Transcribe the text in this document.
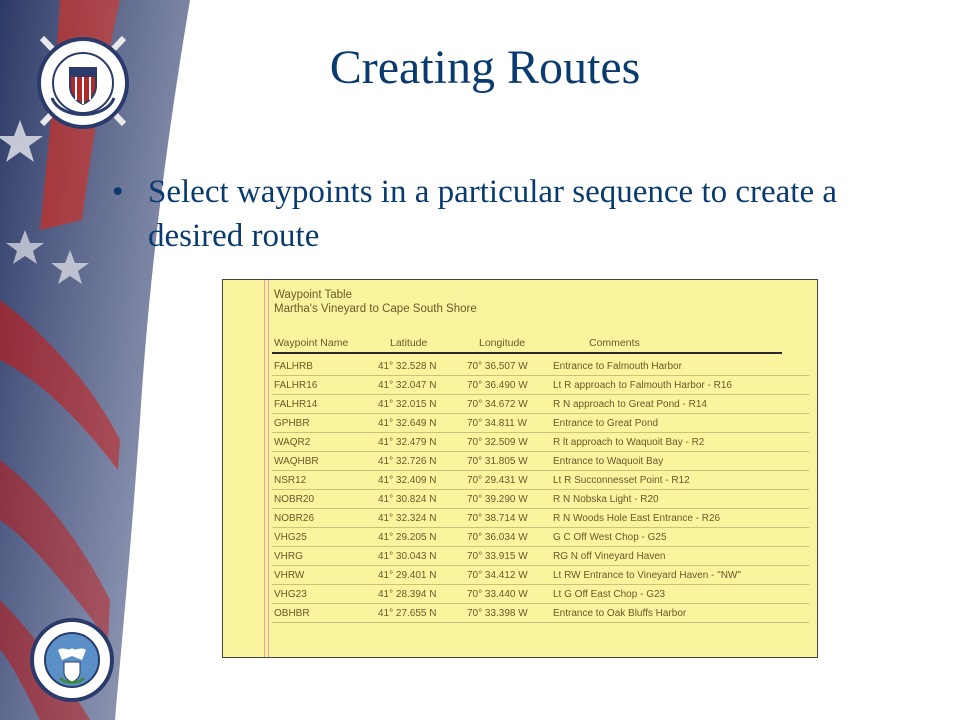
Creating Routes
• Select waypoints in a particular sequence to create a desired route
Waypoint Table
Martha's Vineyard to Cape South Shore
Waypoint Name	Latitude	Longitude	Comments
FALHRB	41° 32.528 N	70° 36.507 W	Entrance to Falmouth Harbor
FALHR16	41° 32.047 N	70° 36.490 W	Lt R approach to Falmouth Harbor - R16
FALHR14	41° 32.015 N	70° 34.672 W	R N approach to Great Pond - R14
GPHBR	41° 32.649 N	70° 34.811 W	Entrance to Great Pond
WAQR2	41° 32.479 N	70° 32.509 W	R lt approach to Waquoit Bay - R2
WAQHBR	41° 32.726 N	70° 31.805 W	Entrance to Waquoit Bay
NSR12	41° 32.409 N	70° 29.431 W	Lt R Succonnesset Point - R12
NOBR20	41° 30.824 N	70° 39.290 W	R N Nobska Light - R20
NOBR26	41° 32.324 N	70° 38.714 W	R N Woods Hole East Entrance - R26
VHG25	41° 29.205 N	70° 36.034 W	G C Off West Chop - G25
VHRG	41° 30.043 N	70° 33.915 W	RG N off Vineyard Haven
VHRW	41° 29.401 N	70° 34.412 W	Lt RW Entrance to Vineyard Haven - "NW"
VHG23	41° 28.394 N	70° 33.440 W	Lt G Off East Chop - G23
OBHBR	41° 27.655 N	70° 33.398 W	Entrance to Oak Bluffs Harbor
